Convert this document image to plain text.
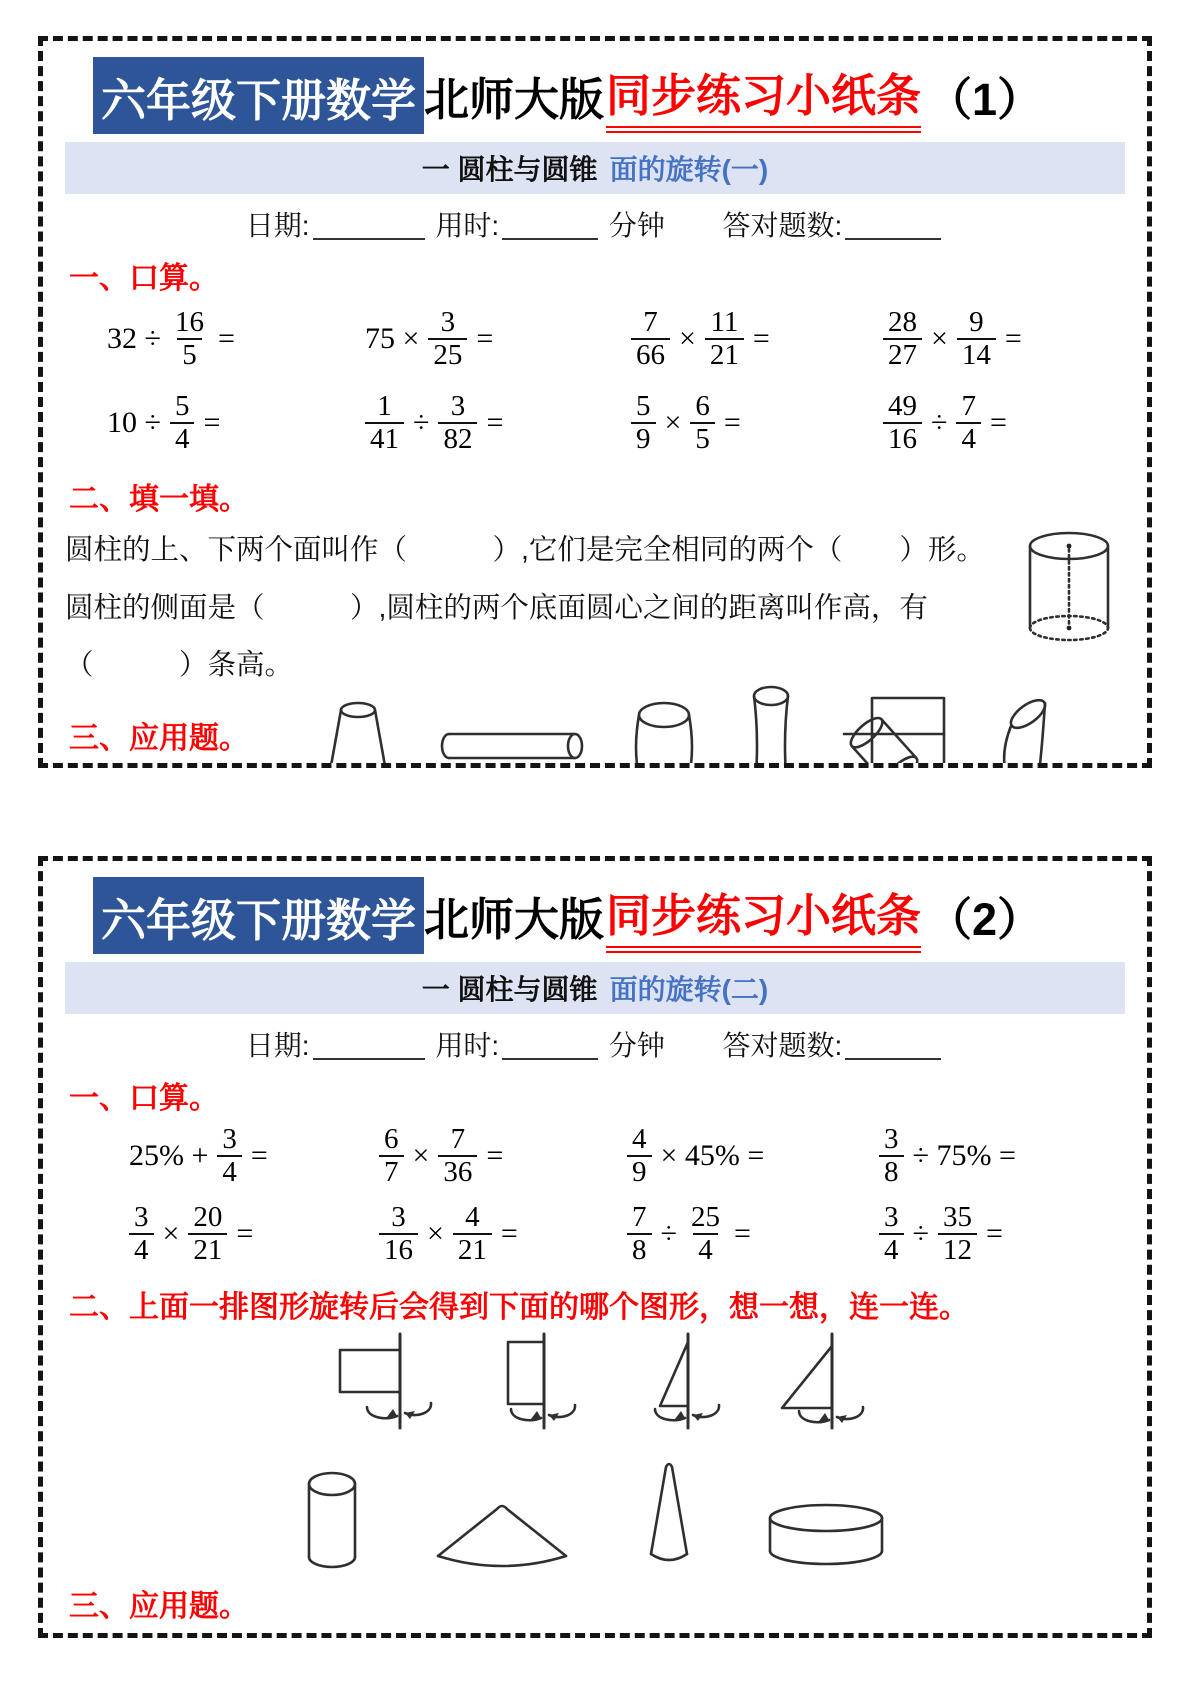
六年级下册数学 北师大版 同步练习小纸条 （1）
一 圆柱与圆锥 面的旋转(一)
日期:	用时:	分钟 答对题数:
一、口算。
$32 \div \frac{16}{5}$ =	$75 \times \frac{3}{25}$ =	$\frac{7}{66} \times \frac{11}{21}$ =	$\frac{28}{27} \times \frac{9}{14}$ =
$10 \div \frac{5}{4}$ =	$\frac{1}{41} \div \frac{3}{82}$ =	$\frac{5}{9} \times \frac{6}{5}$ =	$\frac{49}{16} \div \frac{7}{4}$ =
二、填一填。

圆柱的上、下两个面叫作（　　　）,它们是完全相同的两个（　　）形。圆柱的侧面是（　　　）,圆柱的两个底面圆心之间的距离叫作高，有（　　　）条高。

三、应用题。

六年级下册数学 北师大版 同步练习小纸条 （2）
一 圆柱与圆锥 面的旋转(二)
日期:	用时:	分钟 答对题数:
一、口算。
$25\% + \frac{3}{4}$ =	$\frac{6}{7} \times \frac{7}{36}$ =	$\frac{4}{9} \times 45\%$ =	$\frac{3}{8} \div 75\%$ =
$\frac{3}{4} \times \frac{20}{21}$ =	$\frac{3}{16} \times \frac{4}{21}$ =	$\frac{7}{8} \div \frac{25}{4}$ =	$\frac{3}{4} \div \frac{35}{12}$ =
二、上面一排图形旋转后会得到下面的哪个图形，想一想，连一连。
三、应用题。
